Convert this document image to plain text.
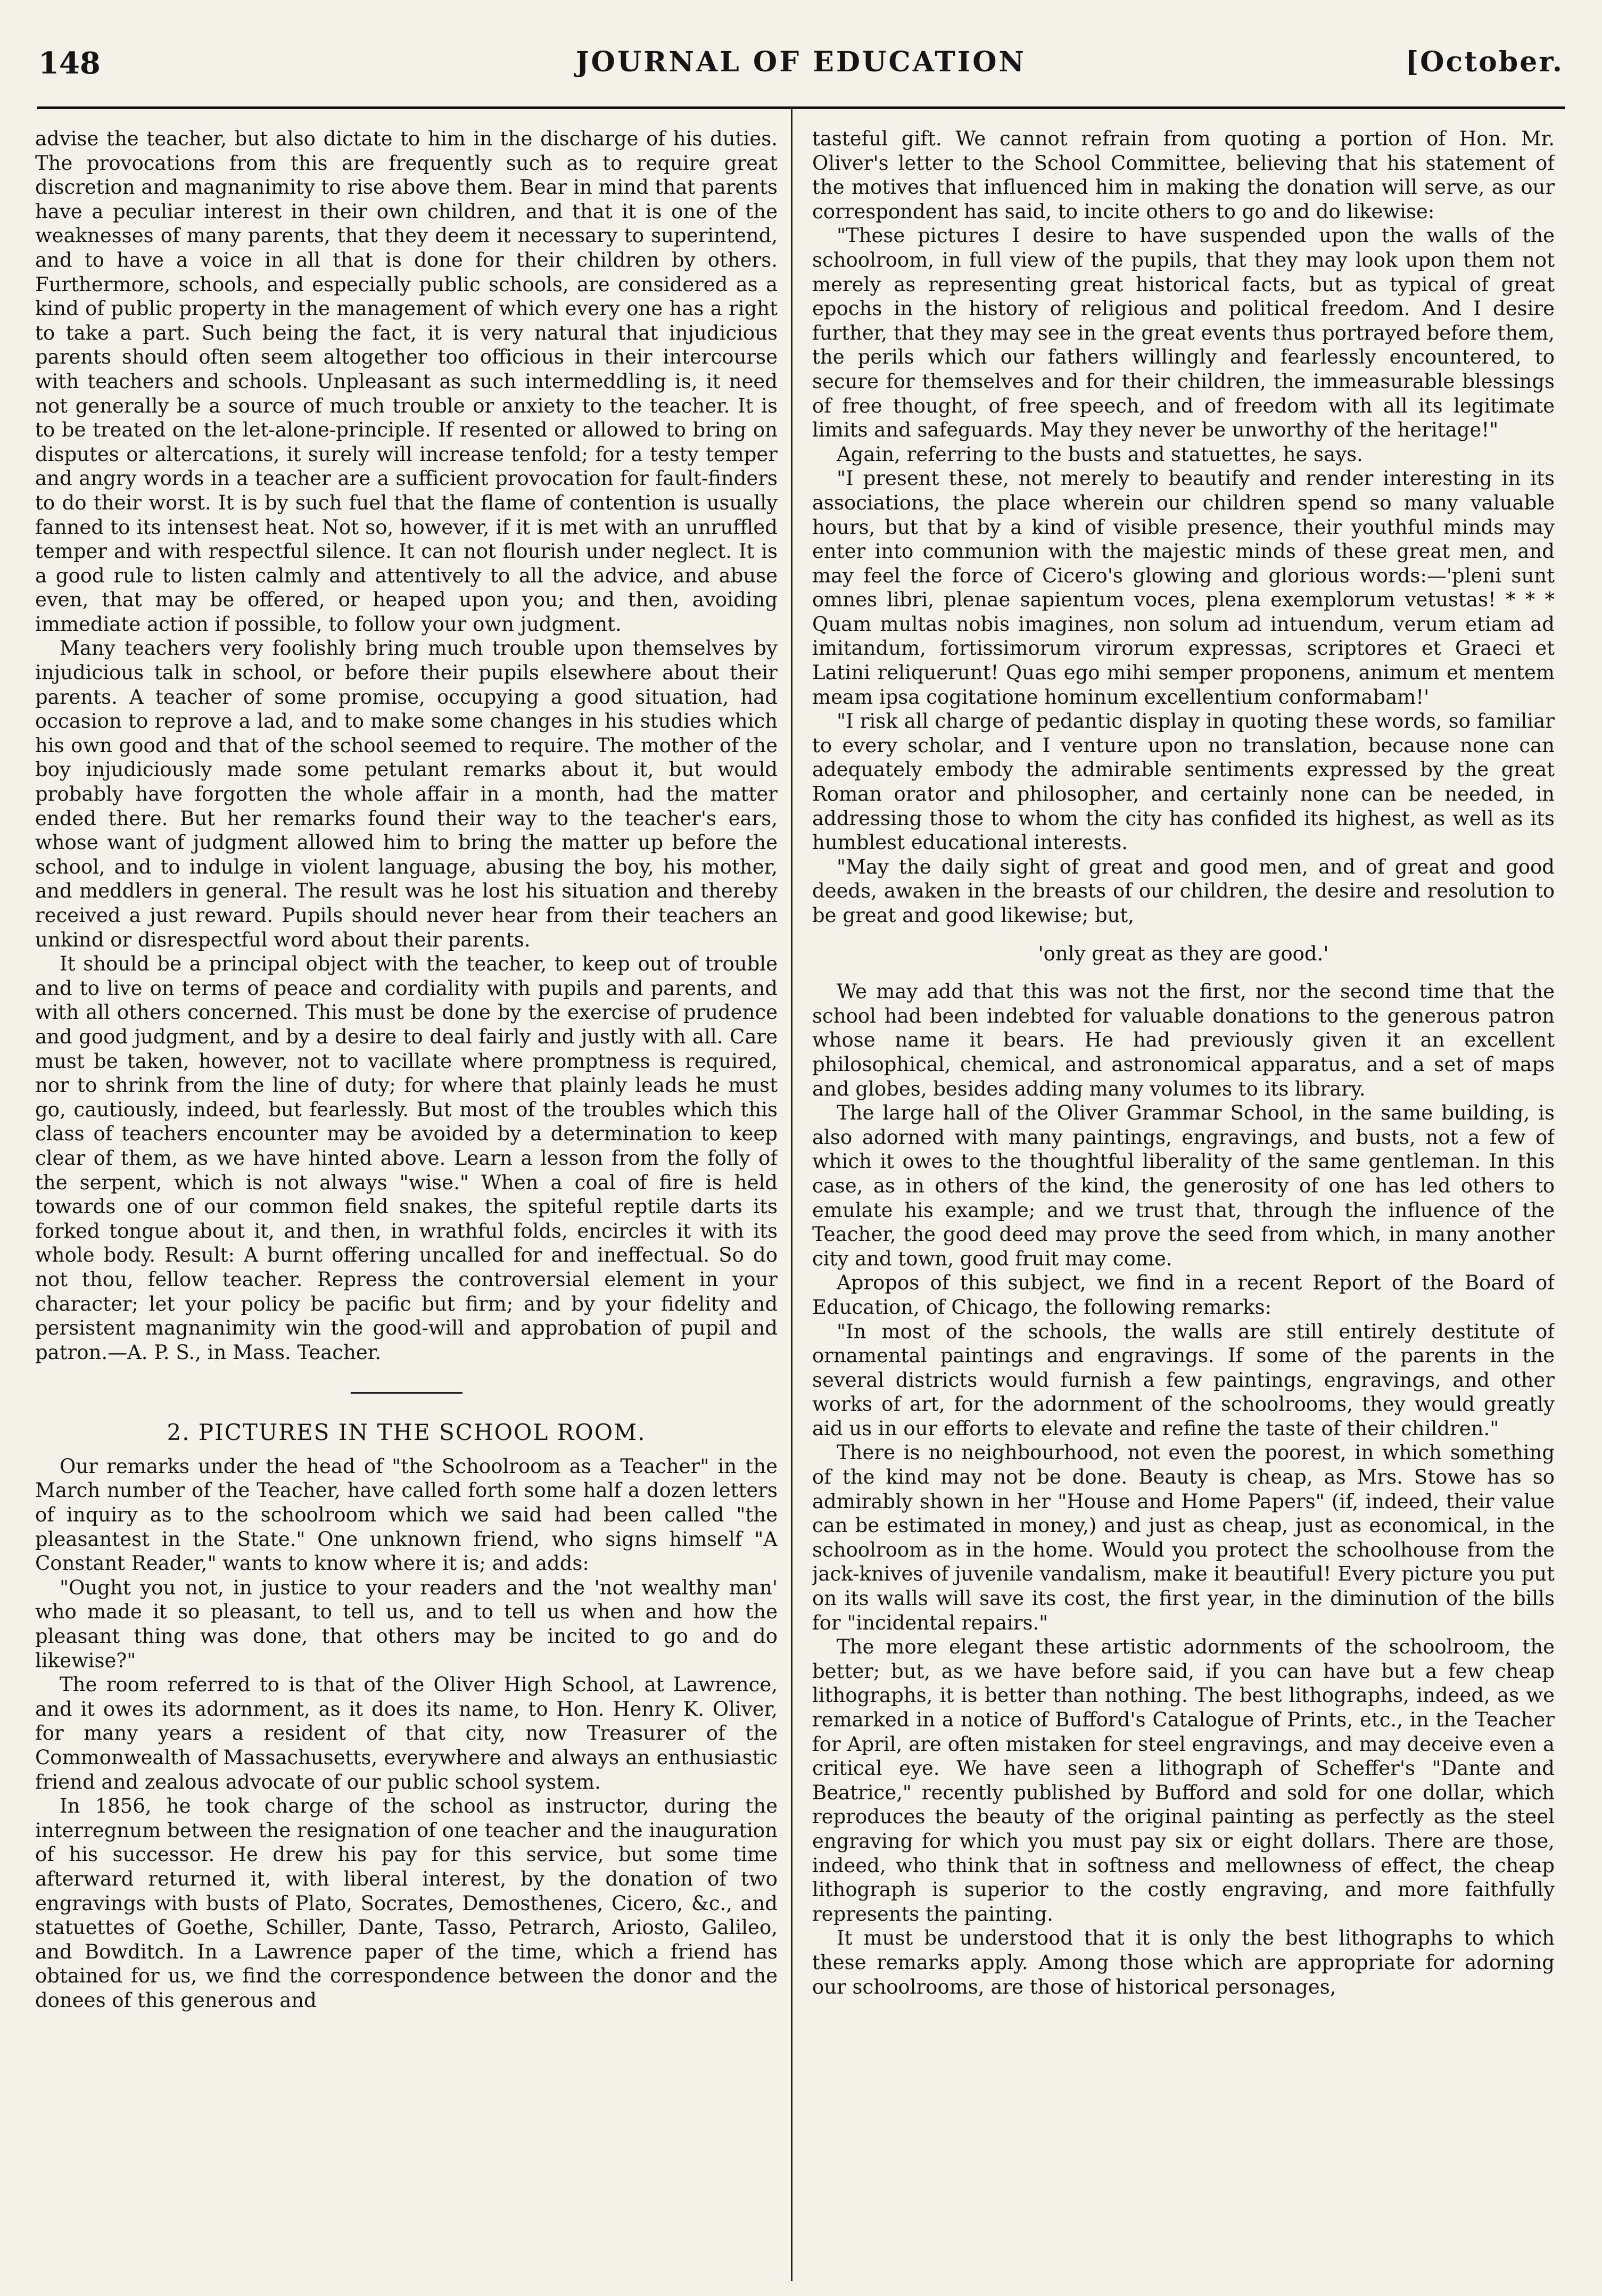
148	JOURNAL OF EDUCATION	[October.

advise the teacher, but also dictate to him in the discharge of his duties. The provocations from this are frequently such as to require great discretion and magnanimity to rise above them. Bear in mind that parents have a peculiar interest in their own children, and that it is one of the weaknesses of many parents, that they deem it necessary to superintend, and to have a voice in all that is done for their children by others. Furthermore, schools, and especially public schools, are considered as a kind of public property in the management of which every one has a right to take a part. Such being the fact, it is very natural that injudicious parents should often seem altogether too officious in their intercourse with teachers and schools. Unpleasant as such intermeddling is, it need not generally be a source of much trouble or anxiety to the teacher. It is to be treated on the let-alone-principle. If resented or allowed to bring on disputes or altercations, it surely will increase tenfold; for a testy temper and angry words in a teacher are a sufficient provocation for fault-finders to do their worst. It is by such fuel that the flame of contention is usually fanned to its intensest heat. Not so, however, if it is met with an unruffled temper and with respectful silence. It can not flourish under neglect. It is a good rule to listen calmly and attentively to all the advice, and abuse even, that may be offered, or heaped upon you; and then, avoiding immediate action if possible, to follow your own judgment.

Many teachers very foolishly bring much trouble upon themselves by injudicious talk in school, or before their pupils elsewhere about their parents. A teacher of some promise, occupying a good situation, had occasion to reprove a lad, and to make some changes in his studies which his own good and that of the school seemed to require. The mother of the boy injudiciously made some petulant remarks about it, but would probably have forgotten the whole affair in a month, had the matter ended there. But her remarks found their way to the teacher's ears, whose want of judgment allowed him to bring the matter up before the school, and to indulge in violent language, abusing the boy, his mother, and meddlers in general. The result was he lost his situation and thereby received a just reward. Pupils should never hear from their teachers an unkind or disrespectful word about their parents.

It should be a principal object with the teacher, to keep out of trouble and to live on terms of peace and cordiality with pupils and parents, and with all others concerned. This must be done by the exercise of prudence and good judgment, and by a desire to deal fairly and justly with all. Care must be taken, however, not to vacillate where promptness is required, nor to shrink from the line of duty; for where that plainly leads he must go, cautiously, indeed, but fearlessly. But most of the troubles which this class of teachers encounter may be avoided by a determination to keep clear of them, as we have hinted above. Learn a lesson from the folly of the serpent, which is not always "wise." When a coal of fire is held towards one of our common field snakes, the spiteful reptile darts its forked tongue about it, and then, in wrathful folds, encircles it with its whole body. Result: A burnt offering uncalled for and ineffectual. So do not thou, fellow teacher. Repress the controversial element in your character; let your policy be pacific but firm; and by your fidelity and persistent magnanimity win the good-will and approbation of pupil and patron.—A. P. S., in Mass. Teacher.

2. PICTURES IN THE SCHOOL ROOM.

Our remarks under the head of "the Schoolroom as a Teacher" in the March number of the Teacher, have called forth some half a dozen letters of inquiry as to the schoolroom which we said had been called "the pleasantest in the State." One unknown friend, who signs himself "A Constant Reader," wants to know where it is; and adds:

"Ought you not, in justice to your readers and the 'not wealthy man' who made it so pleasant, to tell us, and to tell us when and how the pleasant thing was done, that others may be incited to go and do likewise?"

The room referred to is that of the Oliver High School, at Lawrence, and it owes its adornment, as it does its name, to Hon. Henry K. Oliver, for many years a resident of that city, now Treasurer of the Commonwealth of Massachusetts, everywhere and always an enthusiastic friend and zealous advocate of our public school system.

In 1856, he took charge of the school as instructor, during the interregnum between the resignation of one teacher and the inauguration of his successor. He drew his pay for this service, but some time afterward returned it, with liberal interest, by the donation of two engravings with busts of Plato, Socrates, Demosthenes, Cicero, &c., and statuettes of Goethe, Schiller, Dante, Tasso, Petrarch, Ariosto, Galileo, and Bowditch. In a Lawrence paper of the time, which a friend has obtained for us, we find the correspondence between the donor and the donees of this generous and

tasteful gift. We cannot refrain from quoting a portion of Hon. Mr. Oliver's letter to the School Committee, believing that his statement of the motives that influenced him in making the donation will serve, as our correspondent has said, to incite others to go and do likewise:

"These pictures I desire to have suspended upon the walls of the schoolroom, in full view of the pupils, that they may look upon them not merely as representing great historical facts, but as typical of great epochs in the history of religious and political freedom. And I desire further, that they may see in the great events thus portrayed before them, the perils which our fathers willingly and fearlessly encountered, to secure for themselves and for their children, the immeasurable blessings of free thought, of free speech, and of freedom with all its legitimate limits and safeguards. May they never be unworthy of the heritage!"

Again, referring to the busts and statuettes, he says.

"I present these, not merely to beautify and render interesting in its associations, the place wherein our children spend so many valuable hours, but that by a kind of visible presence, their youthful minds may enter into communion with the majestic minds of these great men, and may feel the force of Cicero's glowing and glorious words:—'pleni sunt omnes libri, plenae sapientum voces, plena exemplorum vetustas! * * * Quam multas nobis imagines, non solum ad intuendum, verum etiam ad imitandum, fortissimorum virorum expressas, scriptores et Graeci et Latini reliquerunt! Quas ego mihi semper proponens, animum et mentem meam ipsa cogitatione hominum excellentium conformabam!'

"I risk all charge of pedantic display in quoting these words, so familiar to every scholar, and I venture upon no translation, because none can adequately embody the admirable sentiments expressed by the great Roman orator and philosopher, and certainly none can be needed, in addressing those to whom the city has confided its highest, as well as its humblest educational interests.

"May the daily sight of great and good men, and of great and good deeds, awaken in the breasts of our children, the desire and resolution to be great and good likewise; but,

'only great as they are good.'

We may add that this was not the first, nor the second time that the school had been indebted for valuable donations to the generous patron whose name it bears. He had previously given it an excellent philosophical, chemical, and astronomical apparatus, and a set of maps and globes, besides adding many volumes to its library.

The large hall of the Oliver Grammar School, in the same building, is also adorned with many paintings, engravings, and busts, not a few of which it owes to the thoughtful liberality of the same gentleman. In this case, as in others of the kind, the generosity of one has led others to emulate his example; and we trust that, through the influence of the Teacher, the good deed may prove the seed from which, in many another city and town, good fruit may come.

Apropos of this subject, we find in a recent Report of the Board of Education, of Chicago, the following remarks:

"In most of the schools, the walls are still entirely destitute of ornamental paintings and engravings. If some of the parents in the several districts would furnish a few paintings, engravings, and other works of art, for the adornment of the schoolrooms, they would greatly aid us in our efforts to elevate and refine the taste of their children."

There is no neighbourhood, not even the poorest, in which something of the kind may not be done. Beauty is cheap, as Mrs. Stowe has so admirably shown in her "House and Home Papers" (if, indeed, their value can be estimated in money,) and just as cheap, just as economical, in the schoolroom as in the home. Would you protect the schoolhouse from the jack-knives of juvenile vandalism, make it beautiful! Every picture you put on its walls will save its cost, the first year, in the diminution of the bills for "incidental repairs."

The more elegant these artistic adornments of the schoolroom, the better; but, as we have before said, if you can have but a few cheap lithographs, it is better than nothing. The best lithographs, indeed, as we remarked in a notice of Bufford's Catalogue of Prints, etc., in the Teacher for April, are often mistaken for steel engravings, and may deceive even a critical eye. We have seen a lithograph of Scheffer's "Dante and Beatrice," recently published by Bufford and sold for one dollar, which reproduces the beauty of the original painting as perfectly as the steel engraving for which you must pay six or eight dollars. There are those, indeed, who think that in softness and mellowness of effect, the cheap lithograph is superior to the costly engraving, and more faithfully represents the painting.

It must be understood that it is only the best lithographs to which these remarks apply. Among those which are appropriate for adorning our schoolrooms, are those of historical personages,
